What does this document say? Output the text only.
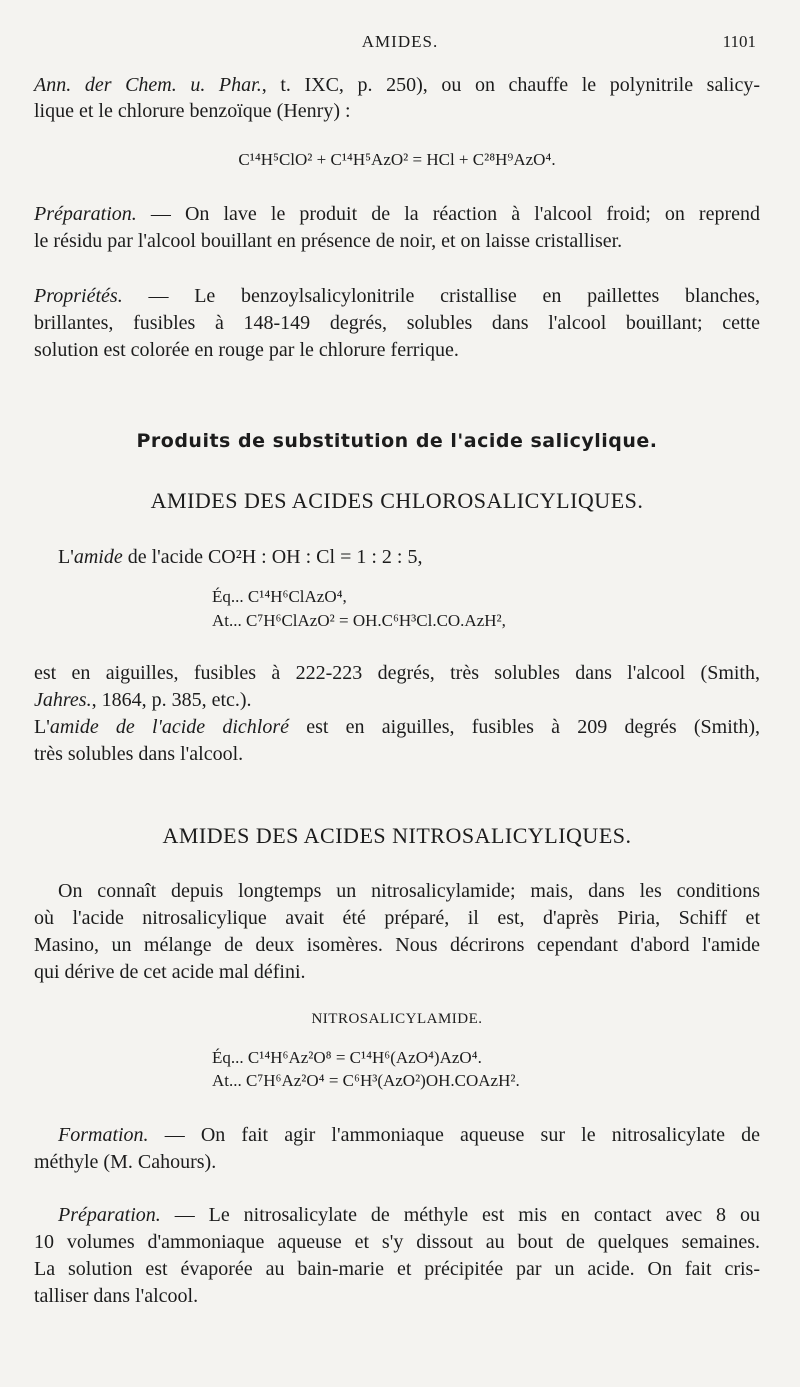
AMIDES.	1101
Ann. der Chem. u. Phar., t. IXC, p. 250), ou on chauffe le polynitrile salicy-
lique et le chlorure benzoïque (Henry) :
C¹⁴H⁵ClO² + C¹⁴H⁵AzO² = HCl + C²⁸H⁹AzO⁴.
Préparation. — On lave le produit de la réaction à l'alcool froid; on reprend
le résidu par l'alcool bouillant en présence de noir, et on laisse cristalliser.
Propriétés. — Le benzoylsalicylonitrile cristallise en paillettes blanches,
brillantes, fusibles à 148-149 degrés, solubles dans l'alcool bouillant; cette
solution est colorée en rouge par le chlorure ferrique.
Produits de substitution de l'acide salicylique.
AMIDES DES ACIDES CHLOROSALICYLIQUES.
L'amide de l'acide CO²H : OH : Cl = 1 : 2 : 5,
Éq... C¹⁴H⁶ClAzO⁴,
At... C⁷H⁶ClAzO² = OH.C⁶H³Cl.CO.AzH²,
est en aiguilles, fusibles à 222-223 degrés, très solubles dans l'alcool (Smith,
Jahres., 1864, p. 385, etc.).
L'amide de l'acide dichloré est en aiguilles, fusibles à 209 degrés (Smith),
très solubles dans l'alcool.
AMIDES DES ACIDES NITROSALICYLIQUES.
On connaît depuis longtemps un nitrosalicylamide; mais, dans les conditions
où l'acide nitrosalicylique avait été préparé, il est, d'après Piria, Schiff et
Masino, un mélange de deux isomères. Nous décrirons cependant d'abord l'amide
qui dérive de cet acide mal défini.
NITROSALICYLAMIDE.
Éq... C¹⁴H⁶Az²O⁸ = C¹⁴H⁶(AzO⁴)AzO⁴.
At... C⁷H⁶Az²O⁴ = C⁶H³(AzO²)OH.COAzH².
Formation. — On fait agir l'ammoniaque aqueuse sur le nitrosalicylate de
méthyle (M. Cahours).
Préparation. — Le nitrosalicylate de méthyle est mis en contact avec 8 ou
10 volumes d'ammoniaque aqueuse et s'y dissout au bout de quelques semaines.
La solution est évaporée au bain-marie et précipitée par un acide. On fait cris-
talliser dans l'alcool.
